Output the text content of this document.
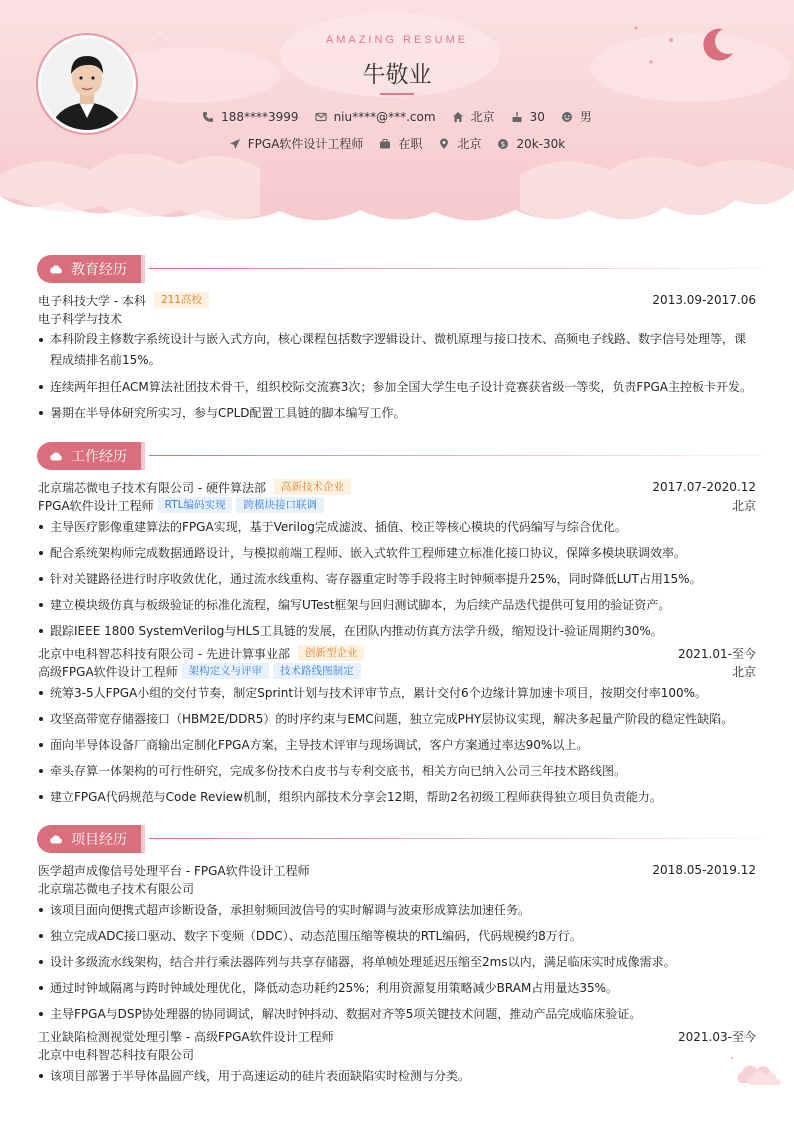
AMAZING RESUME
牛敬业
188****3999	niu****@***.com	北京	30	男
FPGA软件设计工程师	在职	北京	$ 20k-30k
教育经历
电子科技大学 - 本科	211高校	2013.09-2017.06
电子科学与技术
本科阶段主修数字系统设计与嵌入式方向，核心课程包括数字逻辑设计、微机原理与接口技术、高频电子线路、数字信号处理等，课程成绩排名前15%。
连续两年担任ACM算法社团技术骨干，组织校际交流赛3次；参加全国大学生电子设计竞赛获省级一等奖，负责FPGA主控板卡开发。
暑期在半导体研究所实习，参与CPLD配置工具链的脚本编写工作。
工作经历
北京瑞芯微电子技术有限公司 - 硬件算法部	高新技术企业	2017.07-2020.12
FPGA软件设计工程师	RTL编码实现	跨模块接口联调	北京
主导医疗影像重建算法的FPGA实现，基于Verilog完成滤波、插值、校正等核心模块的代码编写与综合优化。
配合系统架构师完成数据通路设计，与模拟前端工程师、嵌入式软件工程师建立标准化接口协议，保障多模块联调效率。
针对关键路径进行时序收敛优化，通过流水线重构、寄存器重定时等手段将主时钟频率提升25%，同时降低LUT占用15%。
建立模块级仿真与板级验证的标准化流程，编写UTest框架与回归测试脚本，为后续产品迭代提供可复用的验证资产。
跟踪IEEE 1800 SystemVerilog与HLS工具链的发展，在团队内推动仿真方法学升级，缩短设计-验证周期约30%。
北京中电科智芯科技有限公司 - 先进计算事业部	创新型企业	2021.01-至今
高级FPGA软件设计工程师	架构定义与评审	技术路线图制定	北京
统筹3-5人FPGA小组的交付节奏，制定Sprint计划与技术评审节点，累计交付6个边缘计算加速卡项目，按期交付率100%。
攻坚高带宽存储器接口（HBM2E/DDR5）的时序约束与EMC问题，独立完成PHY层协议实现，解决多起量产阶段的稳定性缺陷。
面向半导体设备厂商输出定制化FPGA方案，主导技术评审与现场调试，客户方案通过率达90%以上。
牵头存算一体架构的可行性研究，完成多份技术白皮书与专利交底书，相关方向已纳入公司三年技术路线图。
建立FPGA代码规范与Code Review机制，组织内部技术分享会12期，帮助2名初级工程师获得独立项目负责能力。
项目经历
医学超声成像信号处理平台 - FPGA软件设计工程师	2018.05-2019.12
北京瑞芯微电子技术有限公司
该项目面向便携式超声诊断设备，承担射频回波信号的实时解调与波束形成算法加速任务。
独立完成ADC接口驱动、数字下变频（DDC）、动态范围压缩等模块的RTL编码，代码规模约8万行。
设计多级流水线架构，结合并行乘法器阵列与共享存储器，将单帧处理延迟压缩至2ms以内，满足临床实时成像需求。
通过时钟域隔离与跨时钟域处理优化，降低动态功耗约25%；利用资源复用策略减少BRAM占用量达35%。
主导FPGA与DSP协处理器的协同调试，解决时钟抖动、数据对齐等5项关键技术问题，推动产品完成临床验证。
工业缺陷检测视觉处理引擎 - 高级FPGA软件设计工程师	2021.03-至今
北京中电科智芯科技有限公司
该项目部署于半导体晶圆产线，用于高速运动的硅片表面缺陷实时检测与分类。
